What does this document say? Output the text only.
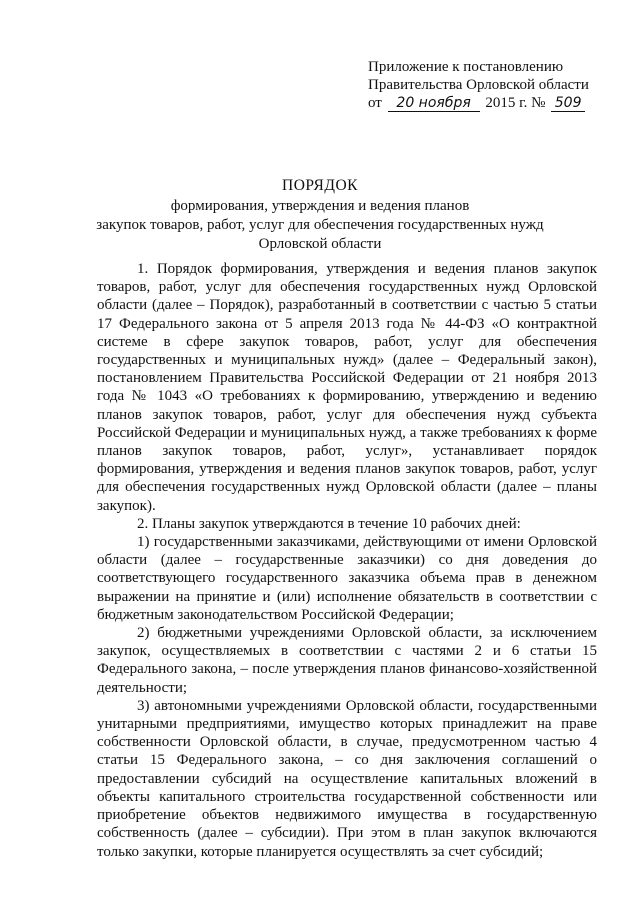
Приложение к постановлению
Правительства Орловской области
от 20 ноября 2015 г. № 509
ПОРЯДОК
формирования, утверждения и ведения планов
закупок товаров, работ, услуг для обеспечения государственных нужд
Орловской области

1. Порядок формирования, утверждения и ведения планов закупок товаров, работ, услуг для обеспечения государственных нужд Орловской области (далее – Порядок), разработанный в соответствии с частью 5 статьи 17 Федерального закона от 5 апреля 2013 года № 44-ФЗ «О контрактной системе в сфере закупок товаров, работ, услуг для обеспечения государственных и муниципальных нужд» (далее – Федеральный закон), постановлением Правительства Российской Федерации от 21 ноября 2013 года № 1043 «О требованиях к формированию, утверждению и ведению планов закупок товаров, работ, услуг для обеспечения нужд субъекта Российской Федерации и муниципальных нужд, а также требованиях к форме планов закупок товаров, работ, услуг», устанавливает порядок формирования, утверждения и ведения планов закупок товаров, работ, услуг для обеспечения государственных нужд Орловской области (далее – планы закупок).

2. Планы закупок утверждаются в течение 10 рабочих дней:

1) государственными заказчиками, действующими от имени Орловской области (далее – государственные заказчики) со дня доведения до соответствующего государственного заказчика объема прав в денежном выражении на принятие и (или) исполнение обязательств в соответствии с бюджетным законодательством Российской Федерации;

2) бюджетными учреждениями Орловской области, за исключением закупок, осуществляемых в соответствии с частями 2 и 6 статьи 15 Федерального закона, – после утверждения планов финансово-хозяйственной деятельности;

3) автономными учреждениями Орловской области, государственными унитарными предприятиями, имущество которых принадлежит на праве собственности Орловской области, в случае, предусмотренном частью 4 статьи 15 Федерального закона, – со дня заключения соглашений о предоставлении субсидий на осуществление капитальных вложений в объекты капитального строительства государственной собственности или приобретение объектов недвижимого имущества в государственную собственность (далее – субсидии). При этом в план закупок включаются только закупки, которые планируется осуществлять за счет субсидий;
